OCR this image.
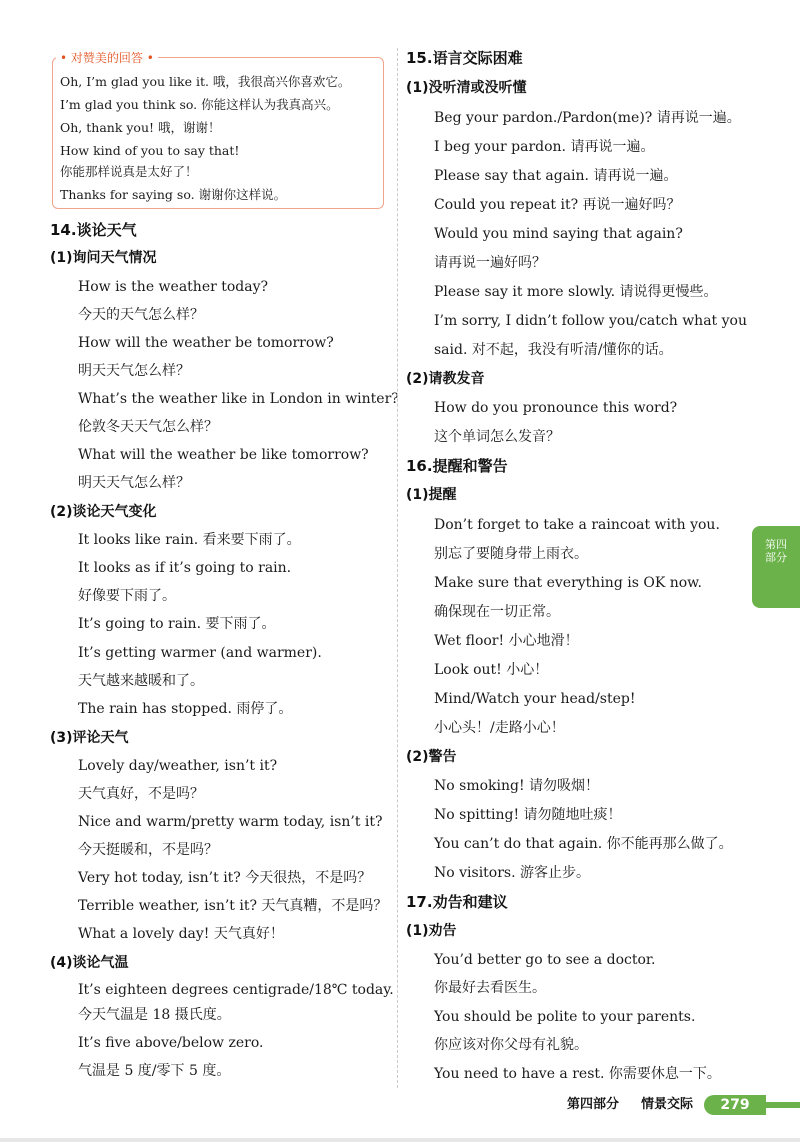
• 对赞美的回答 •
Oh, I’m glad you like it. 哦，我很高兴你喜欢它。
I’m glad you think so. 你能这样认为我真高兴。
Oh, thank you! 哦，谢谢！
How kind of you to say that!
你能那样说真是太好了！
Thanks for saying so. 谢谢你这样说。
14.谈论天气
(1)询问天气情况
How is the weather today?
今天的天气怎么样？
How will the weather be tomorrow?
明天天气怎么样？
What’s the weather like in London in winter?
伦敦冬天天气怎么样？
What will the weather be like tomorrow?
明天天气怎么样？
(2)谈论天气变化
It looks like rain. 看来要下雨了。
It looks as if it’s going to rain.
好像要下雨了。
It’s going to rain. 要下雨了。
It’s getting warmer (and warmer).
天气越来越暖和了。
The rain has stopped. 雨停了。
(3)评论天气
Lovely day/weather, isn’t it?
天气真好，不是吗？
Nice and warm/pretty warm today, isn’t it?
今天挺暖和，不是吗？
Very hot today, isn’t it? 今天很热，不是吗？
Terrible weather, isn’t it? 天气真糟，不是吗？
What a lovely day! 天气真好！
(4)谈论气温
It’s eighteen degrees centigrade/18℃ today.
今天气温是 18 摄氏度。
It’s five above/below zero.
气温是 5 度/零下 5 度。
15.语言交际困难
(1)没听清或没听懂
Beg your pardon./Pardon(me)? 请再说一遍。
I beg your pardon. 请再说一遍。
Please say that again. 请再说一遍。
Could you repeat it? 再说一遍好吗？
Would you mind saying that again?
请再说一遍好吗？
Please say it more slowly. 请说得更慢些。
I’m sorry, I didn’t follow you/catch what you
said. 对不起，我没有听清/懂你的话。
(2)请教发音
How do you pronounce this word?
这个单词怎么发音？
16.提醒和警告
(1)提醒
Don’t forget to take a raincoat with you.
别忘了要随身带上雨衣。
Make sure that everything is OK now.
确保现在一切正常。
Wet floor! 小心地滑！
Look out! 小心！
Mind/Watch your head/step!
小心头！/走路小心！
(2)警告
No smoking! 请勿吸烟！
No spitting! 请勿随地吐痰！
You can’t do that again. 你不能再那么做了。
No visitors. 游客止步。
17.劝告和建议
(1)劝告
You’d better go to see a doctor.
你最好去看医生。
You should be polite to your parents.
你应该对你父母有礼貌。
You need to have a rest. 你需要休息一下。
第四
部分
第四部分 情景交际	279
